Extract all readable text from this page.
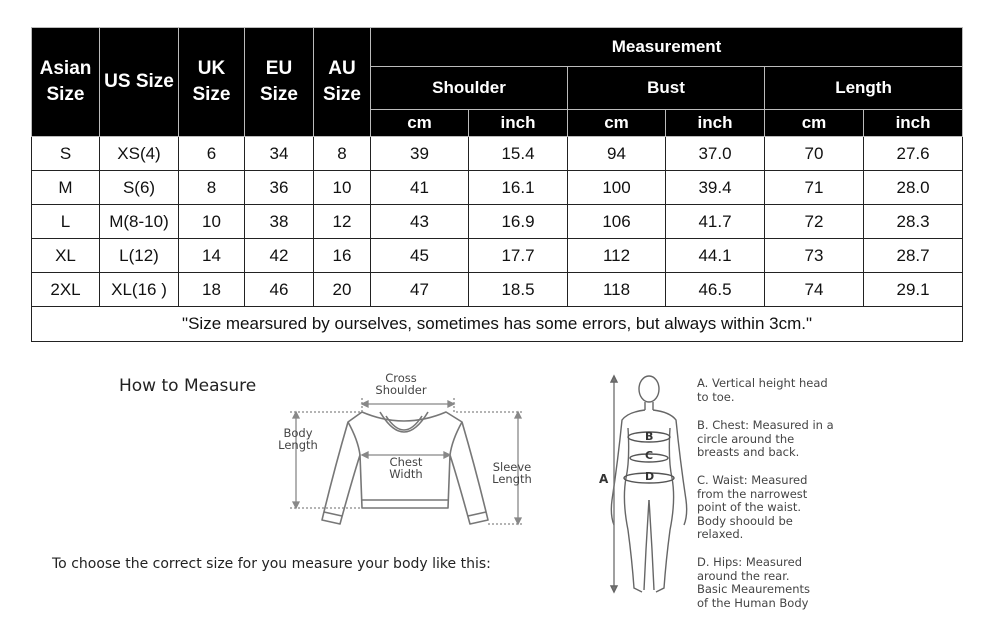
Asian Size	US Size	UK Size	EU Size	AU Size	Measurement					
					Shoulder		Bust		Length	
					cm	inch	cm	inch	cm	inch
S	XS(4)	6	34	8	39	15.4	94	37.0	70	27.6
M	S(6)	8	36	10	41	16.1	100	39.4	71	28.0
L	M(8-10)	10	38	12	43	16.9	106	41.7	72	28.3
XL	L(12)	14	42	16	45	17.7	112	44.1	73	28.7
2XL	XL(16 )	18	46	20	47	18.5	118	46.5	74	29.1
"Size mearsured by ourselves, sometimes has some errors, but always within 3cm."										
How to Measure	Cross
Shoulder
Body
Length
Chest
Width	Sleeve
Length	A
B
C
D
To choose the correct size for you measure your body like this:
A. Vertical height head
to toe.
B. Chest: Measured in a
circle around the
breasts and back.
C. Waist: Measured
from the narrowest
point of the waist.
Body shoould be
relaxed.
D. Hips: Measured
around the rear.
Basic Meaurements
of the Human Body
